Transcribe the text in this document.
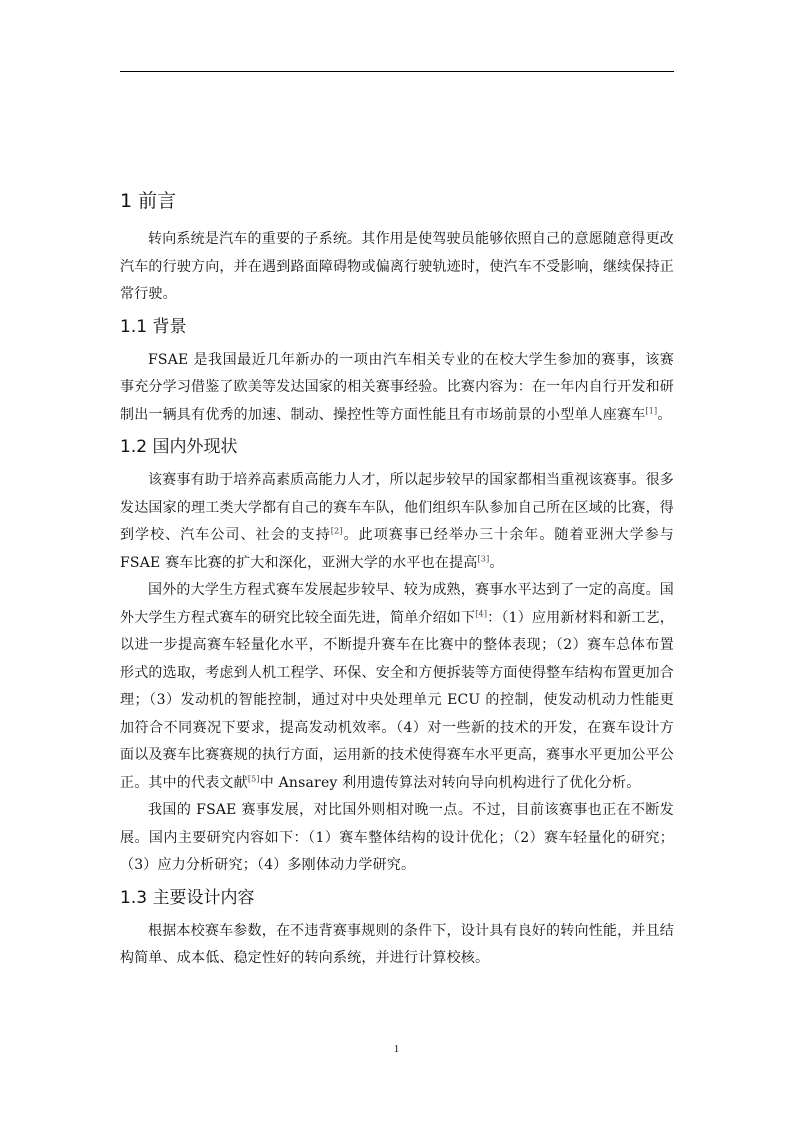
1 前言

转向系统是汽车的重要的子系统。其作用是使驾驶员能够依照自己的意愿随意得更改汽车的行驶方向，并在遇到路面障碍物或偏离行驶轨迹时，使汽车不受影响，继续保持正常行驶。

1.1 背景

FSAE 是我国最近几年新办的一项由汽车相关专业的在校大学生参加的赛事，该赛事充分学习借鉴了欧美等发达国家的相关赛事经验。比赛内容为：在一年内自行开发和研制出一辆具有优秀的加速、制动、操控性等方面性能且有市场前景的小型单人座赛车[1]。

1.2 国内外现状

该赛事有助于培养高素质高能力人才，所以起步较早的国家都相当重视该赛事。很多发达国家的理工类大学都有自己的赛车车队，他们组织车队参加自己所在区域的比赛，得到学校、汽车公司、社会的支持[2]。此项赛事已经举办三十余年。随着亚洲大学参与 FSAE 赛车比赛的扩大和深化，亚洲大学的水平也在提高[3]。

国外的大学生方程式赛车发展起步较早、较为成熟，赛事水平达到了一定的高度。国外大学生方程式赛车的研究比较全面先进，简单介绍如下[4]：（1）应用新材料和新工艺，以进一步提高赛车轻量化水平，不断提升赛车在比赛中的整体表现；（2）赛车总体布置形式的选取，考虑到人机工程学、环保、安全和方便拆装等方面使得整车结构布置更加合理；（3）发动机的智能控制，通过对中央处理单元 ECU 的控制，使发动机动力性能更加符合不同赛况下要求，提高发动机效率。（4）对一些新的技术的开发，在赛车设计方面以及赛车比赛赛规的执行方面，运用新的技术使得赛车水平更高，赛事水平更加公平公正。其中的代表文献[5]中 Ansarey 利用遗传算法对转向导向机构进行了优化分析。

我国的 FSAE 赛事发展，对比国外则相对晚一点。不过，目前该赛事也正在不断发展。国内主要研究内容如下：（1）赛车整体结构的设计优化；（2）赛车轻量化的研究；（3）应力分析研究；（4）多刚体动力学研究。

1.3 主要设计内容

根据本校赛车参数，在不违背赛事规则的条件下，设计具有良好的转向性能，并且结构简单、成本低、稳定性好的转向系统，并进行计算校核。

1
